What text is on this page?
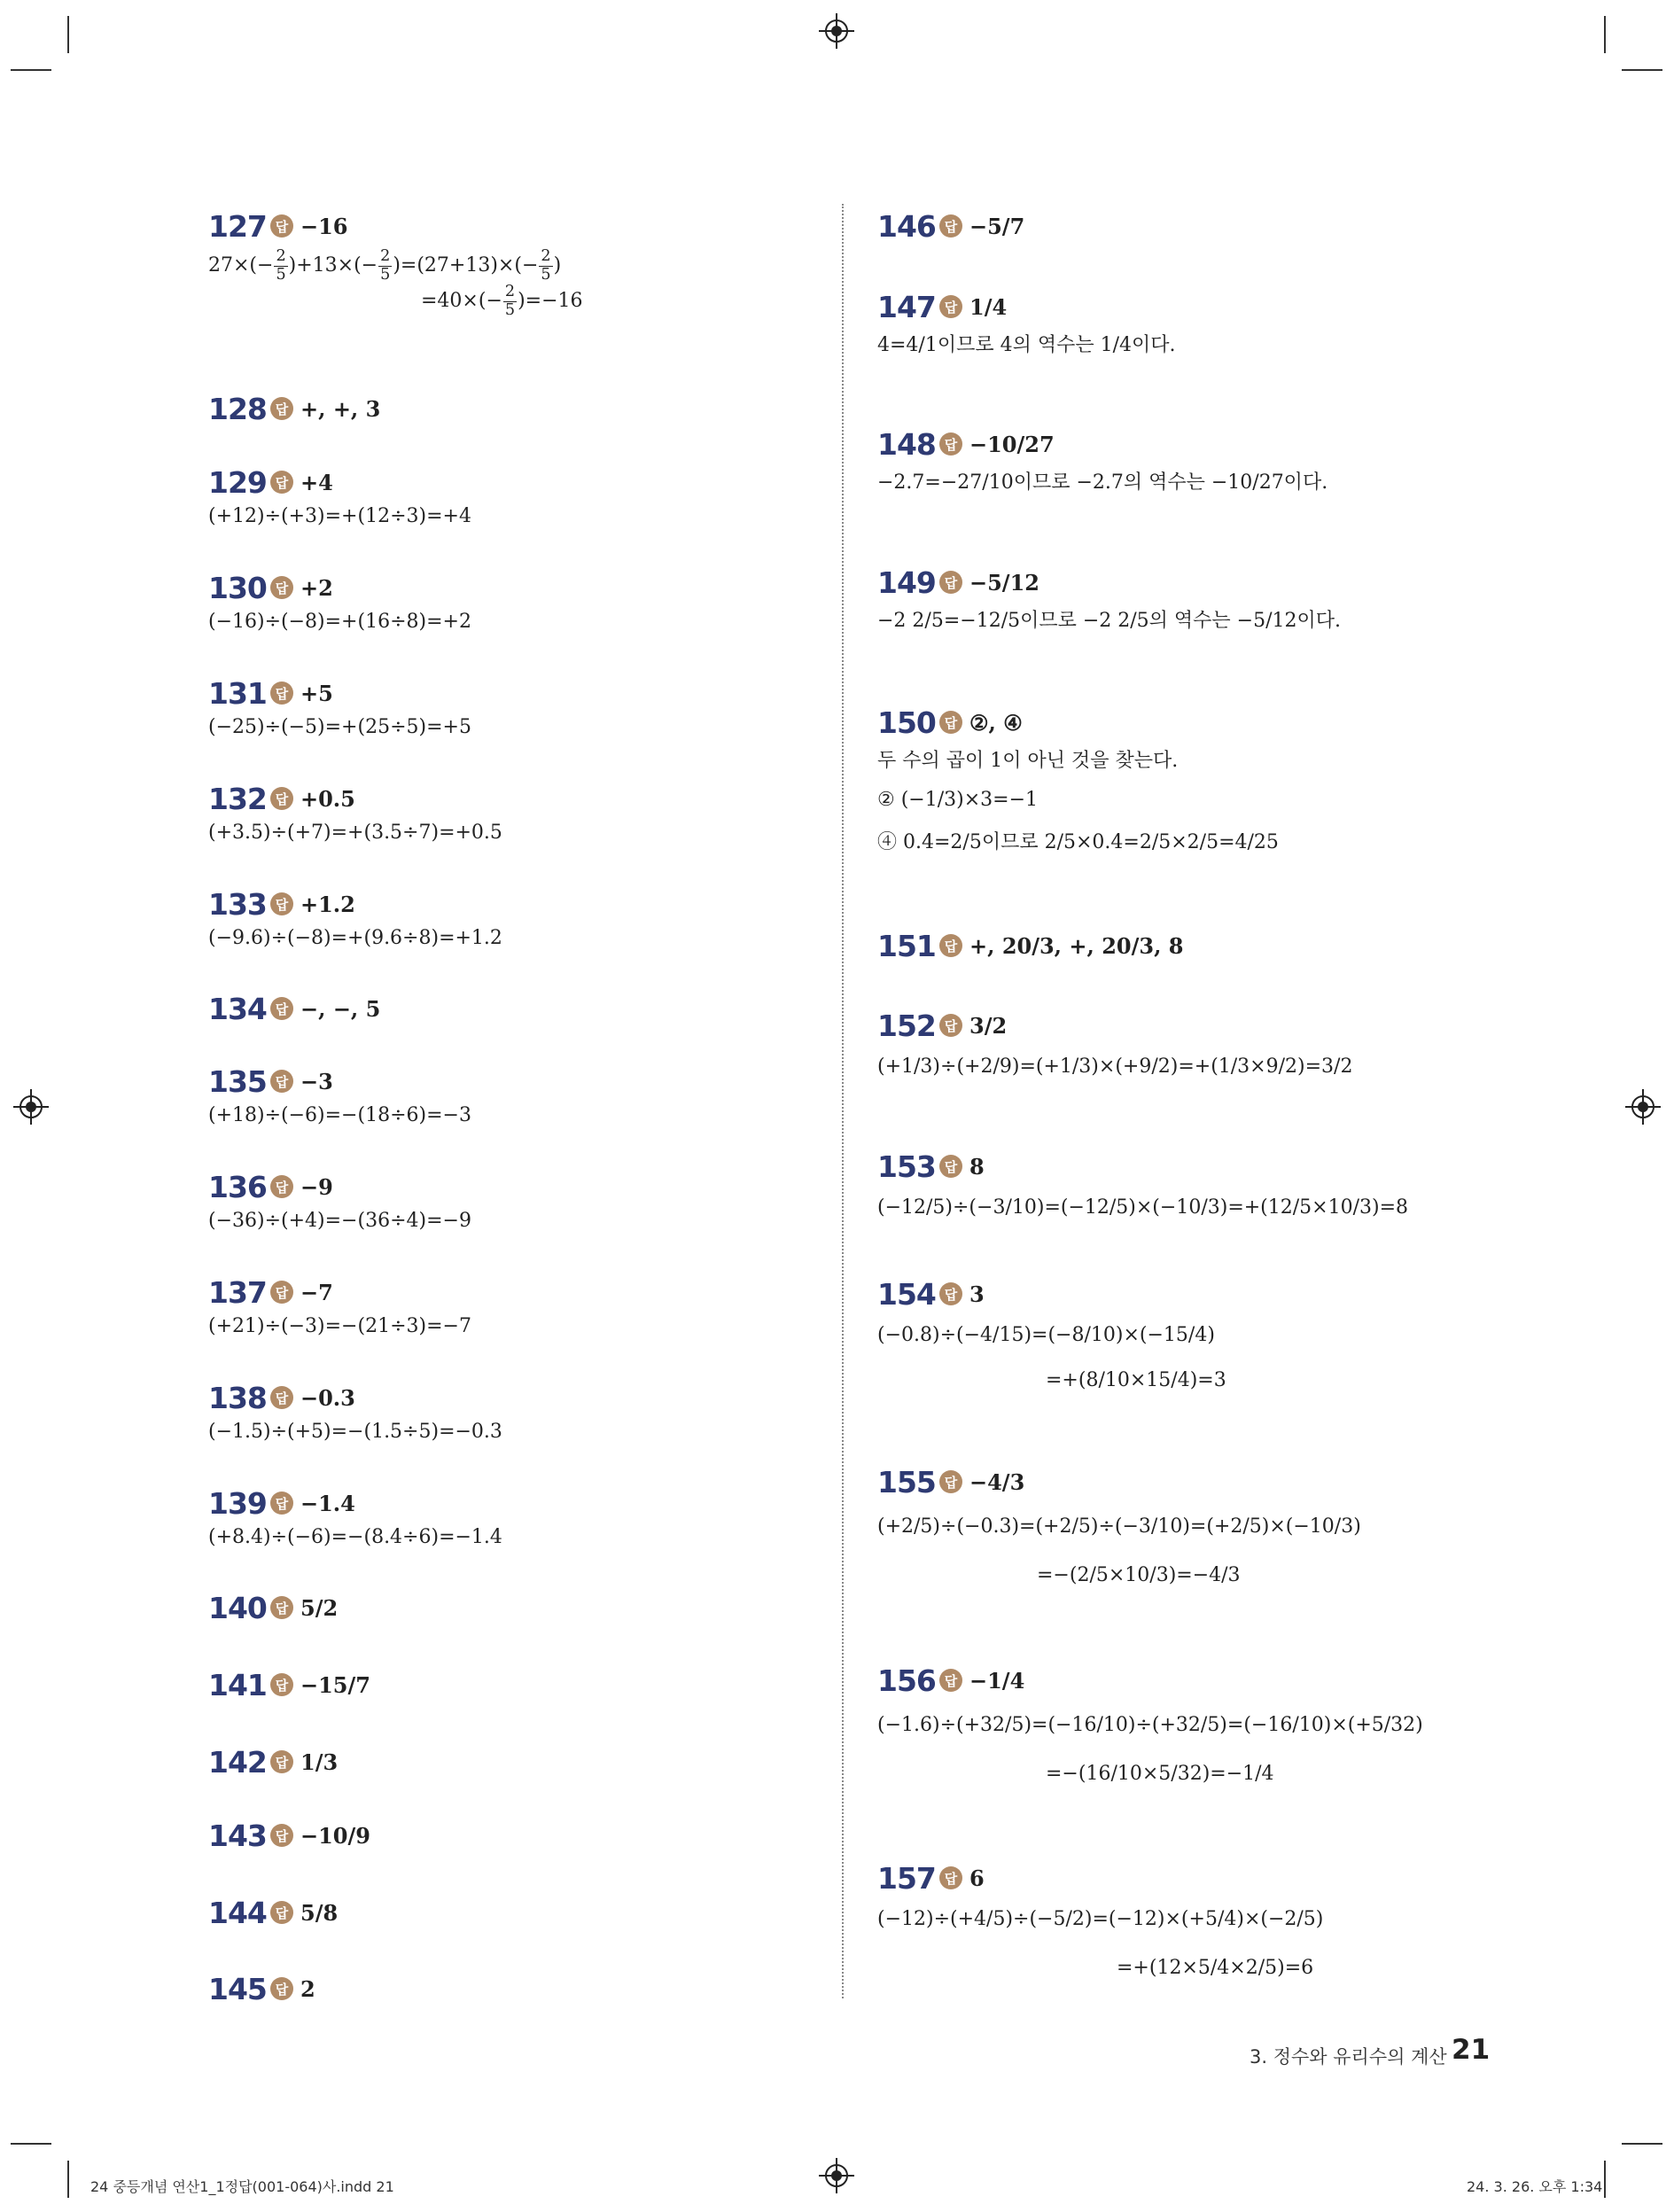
127 답 −16
$27\times(- \frac{2}{5} )+13\times(- \frac{2}{5} )=(27+13)\times(- \frac{2}{5}$ )
$=40\times(- \frac{2}{5} )=-16$
128 답 +, +, 3
129 답 +4
(+12)÷(+3)=+(12÷3)=+4
130 답 +2
(−16)÷(−8)=+(16÷8)=+2
131 답 +5
(−25)÷(−5)=+(25÷5)=+5
132 답 +0.5
(+3.5)÷(+7)=+(3.5÷7)=+0.5
133 답 +1.2
(−9.6)÷(−8)=+(9.6÷8)=+1.2
134 답 −, −, 5
135 답 −3
(+18)÷(−6)=−(18÷6)=−3
136 답 −9
(−36)÷(+4)=−(36÷4)=−9
137 답 −7
(+21)÷(−3)=−(21÷3)=−7
138 답 −0.3
(−1.5)÷(+5)=−(1.5÷5)=−0.3
139 답 −1.4
(+8.4)÷(−6)=−(8.4÷6)=−1.4
140 답 5/2
141 답 −15/7
142 답 1/3
143 답 −10/9
144 답 5/8
145 답 2
146 답 −5/7
147 답 1/4
4=4/1이므로 4의 역수는 1/4이다.
148 답 −10/27
−2.7=−27/10이므로 −2.7의 역수는 −10/27이다.
149 답 −5/12
−2 2/5=−12/5이므로 −2 2/5의 역수는 −5/12이다.
150 답 ②, ④
두 수의 곱이 1이 아닌 것을 찾는다.
② (−1/3)×3=−1
④ 0.4=2/5이므로 2/5×0.4=2/5×2/5=4/25
151 답 +, 20/3, +, 20/3, 8
152 답 3/2
(+1/3)÷(+2/9)=(+1/3)×(+9/2)=+(1/3×9/2)=3/2
153 답 8
(−12/5)÷(−3/10)=(−12/5)×(−10/3)=+(12/5×10/3)=8
154 답 3
(−0.8)÷(−4/15)=(−8/10)×(−15/4)
=+(8/10×15/4)=3
155 답 −4/3
(+2/5)÷(−0.3)=(+2/5)÷(−3/10)=(+2/5)×(−10/3)
=−(2/5×10/3)=−4/3
156 답 −1/4
(−1.6)÷(+32/5)=(−16/10)÷(+32/5)=(−16/10)×(+5/32)
=−(16/10×5/32)=−1/4
157 답 6
(−12)÷(+4/5)÷(−5/2)=(−12)×(+5/4)×(−2/5)
=+(12×5/4×2/5)=6
3. 정수와 유리수의 계산 21
24 중등개념 연산1_1정답(001-064)사.indd 21	24. 3. 26. 오후 1:34
